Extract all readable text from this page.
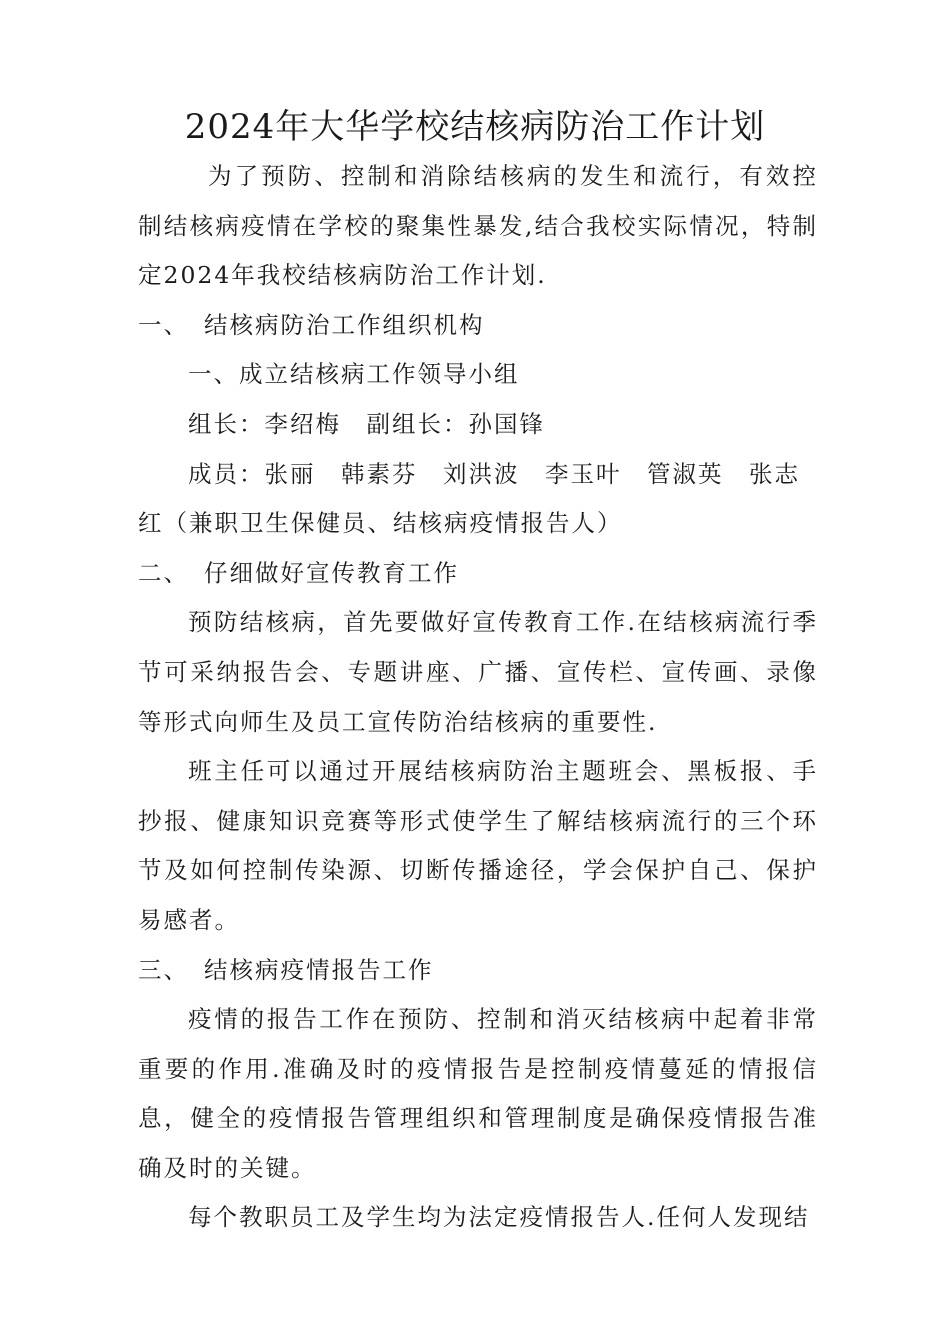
2024年大华学校结核病防治工作计划

为了预防、控制和消除结核病的发生和流行，有效控制结核病疫情在学校的聚集性暴发,结合我校实际情况，特制定2024年我校结核病防治工作计划.

一、 结核病防治工作组织机构

一、成立结核病工作领导小组

组长：李绍梅　副组长：孙国锋

成员：张丽　韩素芬　刘洪波　李玉叶　管淑英　张志

红（兼职卫生保健员、结核病疫情报告人）

二、 仔细做好宣传教育工作

预防结核病，首先要做好宣传教育工作.在结核病流行季节可采纳报告会、专题讲座、广播、宣传栏、宣传画、录像等形式向师生及员工宣传防治结核病的重要性.

班主任可以通过开展结核病防治主题班会、黑板报、手抄报、健康知识竞赛等形式使学生了解结核病流行的三个环节及如何控制传染源、切断传播途径，学会保护自己、保护易感者。

三、 结核病疫情报告工作

疫情的报告工作在预防、控制和消灭结核病中起着非常重要的作用.准确及时的疫情报告是控制疫情蔓延的情报信息，健全的疫情报告管理组织和管理制度是确保疫情报告准确及时的关键。

每个教职员工及学生均为法定疫情报告人.任何人发现结
